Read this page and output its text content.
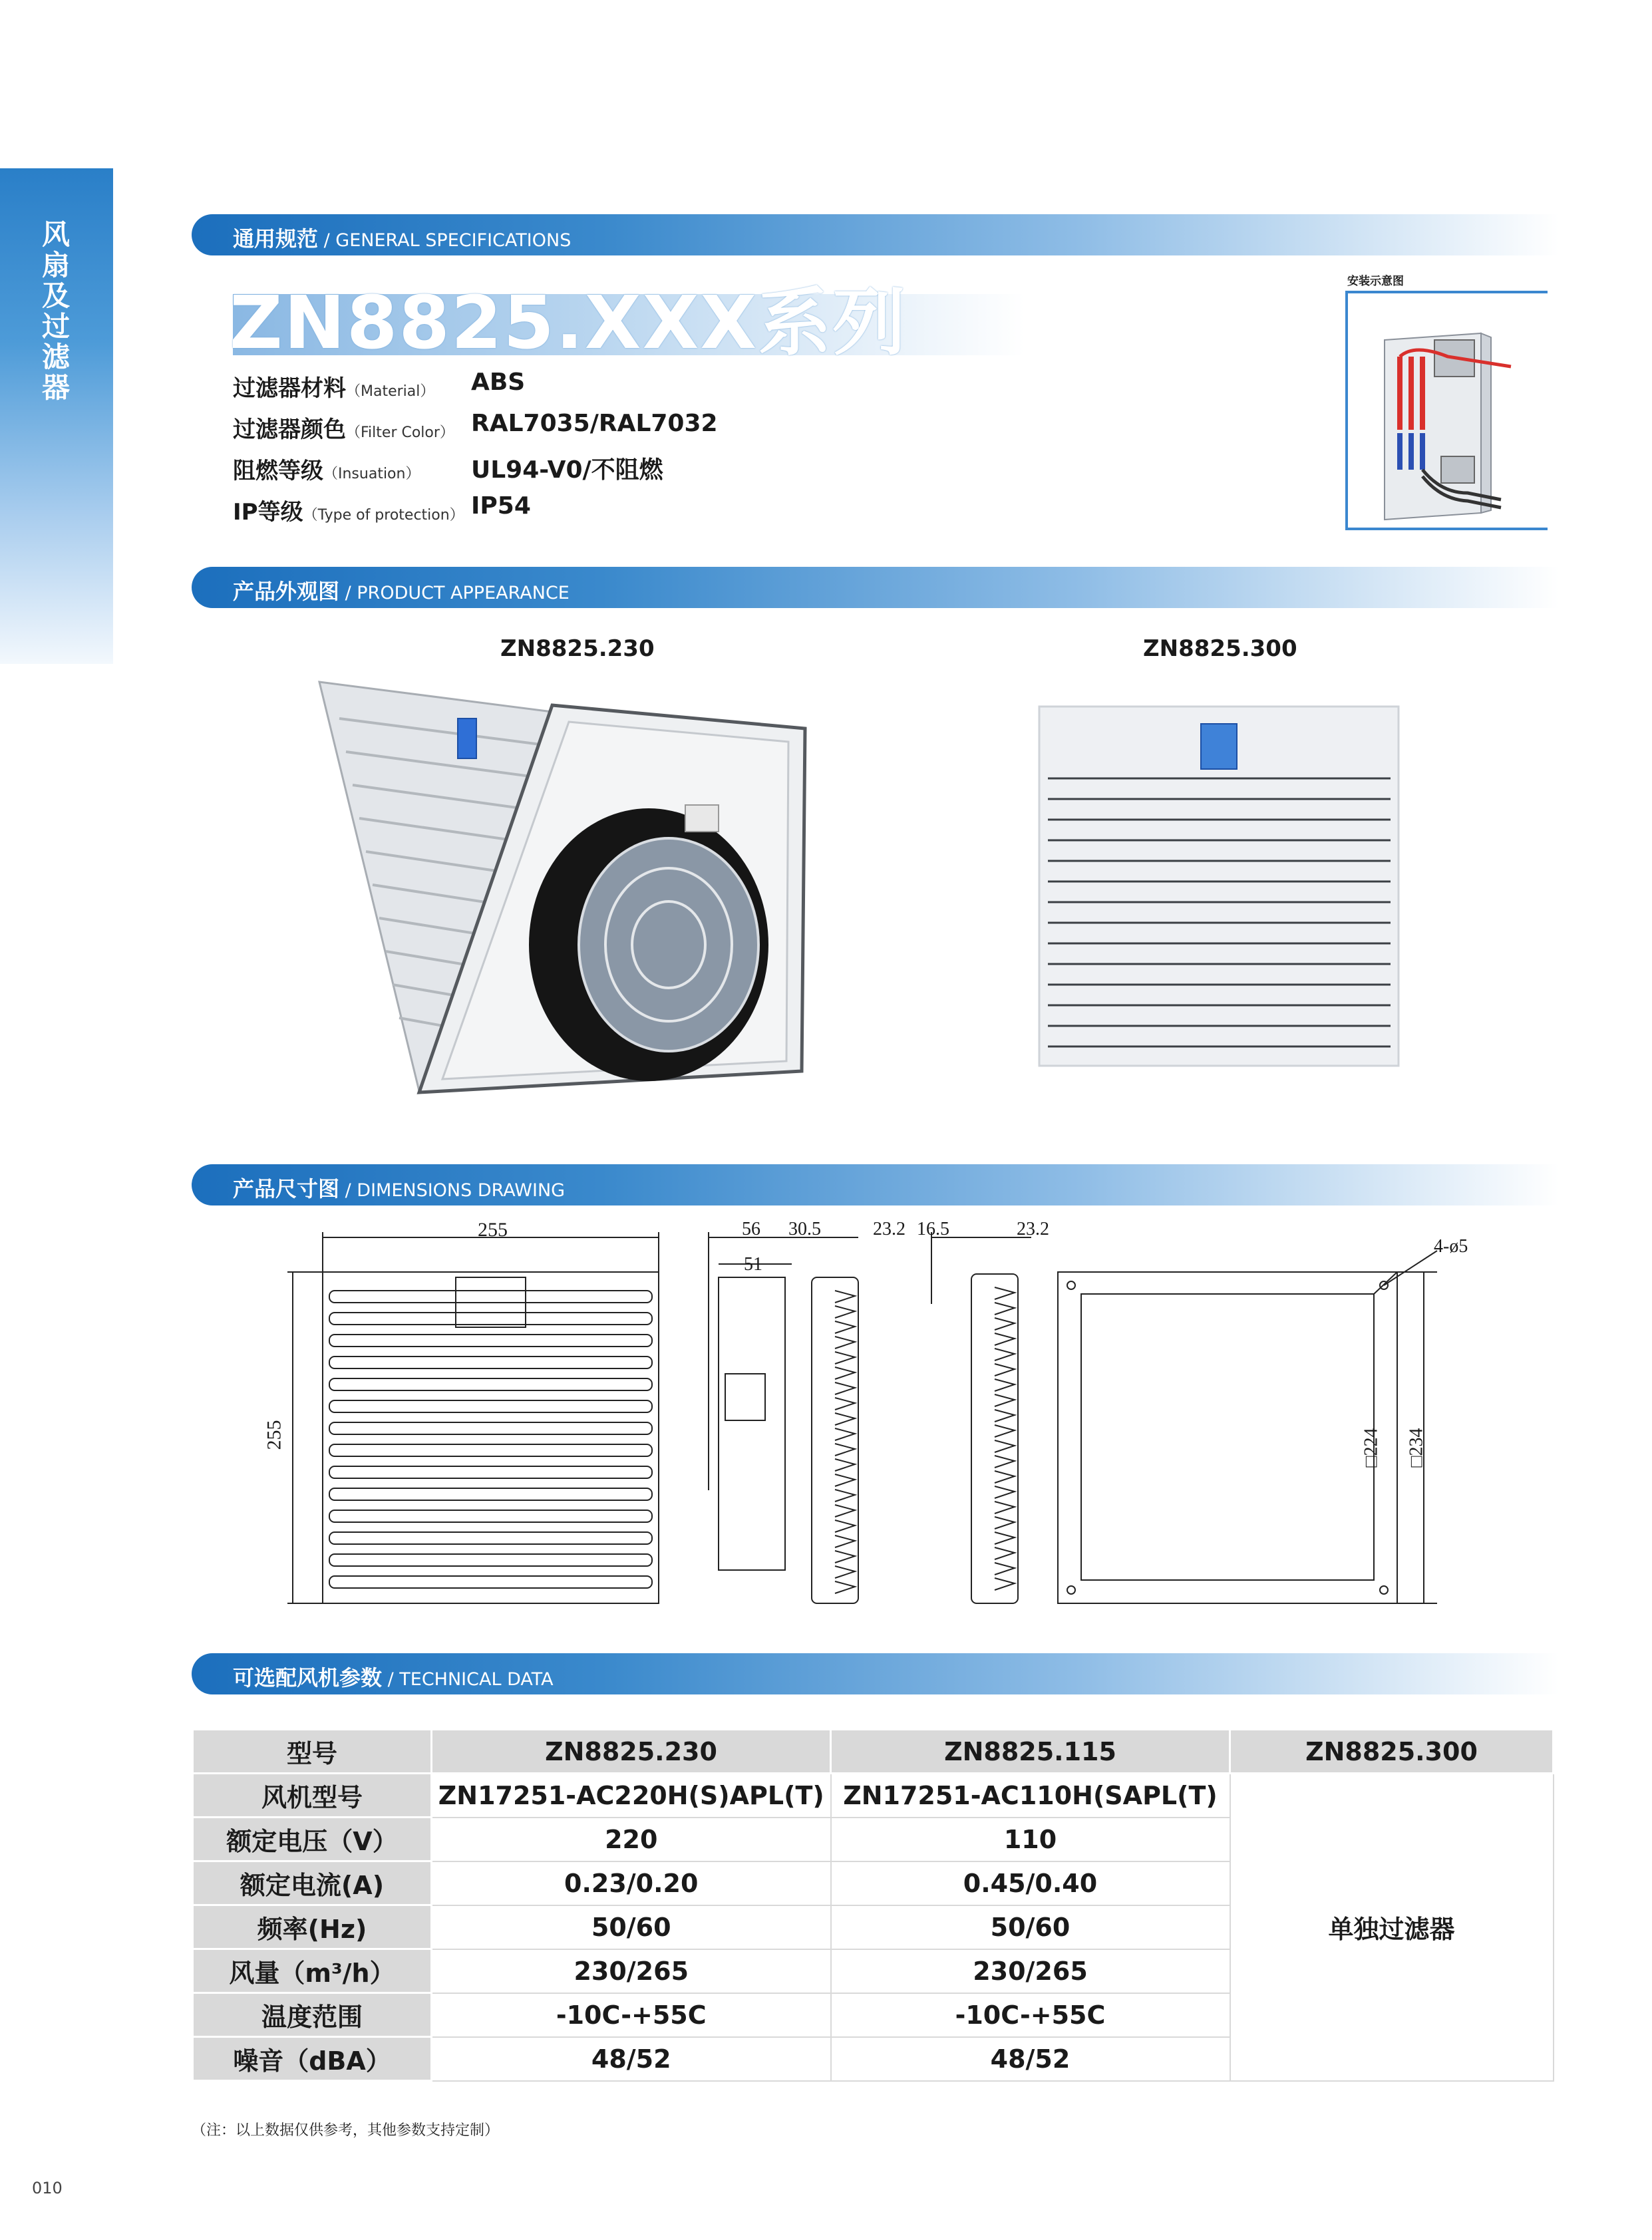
风
扇
及
过
滤
器
通用规范 / GENERAL SPECIFICATIONS
ZN8825.XXX系列
过滤器材料（Material） ABS
过滤器颜色（Filter Color） RAL7035/RAL7032
阻燃等级（Insuation） UL94-V0/不阻燃
IP等级（Type of protection） IP54
安装示意图
产品外观图 / PRODUCT APPEARANCE
ZN8825.230	ZN8825.300
产品尺寸图 / DIMENSIONS DRAWING
255
255
56 30.5	23.2
51
16.5	23.2
4-ø5
□224 □234
可选配风机参数 / TECHNICAL DATA
型号	ZN8825.230	ZN8825.115	ZN8825.300
风机型号	ZN17251-AC220H(S)APL(T)	ZN17251-AC110H(SAPL(T)	单独过滤器
额定电压（V）	220	110	
额定电流(A)	0.23/0.20	0.45/0.40	
频率(Hz)	50/60	50/60	
风量（m³/h）	230/265	230/265	
温度范围	-10C-+55C	-10C-+55C	
噪音（dBA）	48/52	48/52	
（注：以上数据仅供参考，其他参数支持定制）
010
